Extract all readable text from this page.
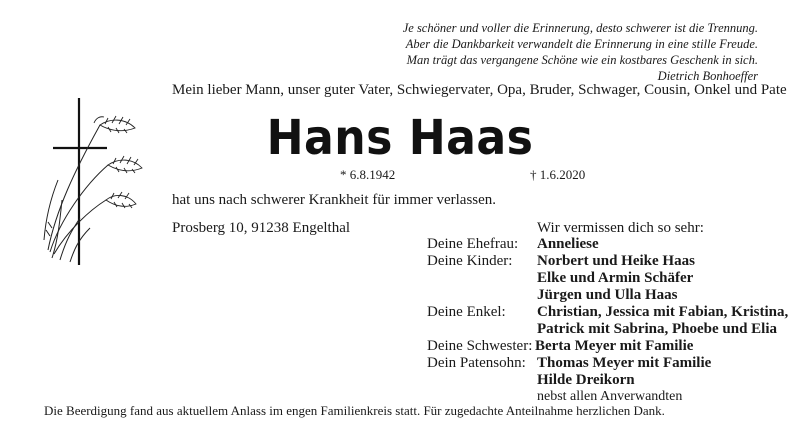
Je schöner und voller die Erinnerung, desto schwerer ist die Trennung.
Aber die Dankbarkeit verwandelt die Erinnerung in eine stille Freude.
Man trägt das vergangene Schöne wie ein kostbares Geschenk in sich.
Dietrich Bonhoeffer
Mein lieber Mann, unser guter Vater, Schwiegervater, Opa, Bruder, Schwager, Cousin, Onkel und Pate
Hans Haas
* 6.8.1942	† 1.6.2020
hat uns nach schwerer Krankheit für immer verlassen.
Prosberg 10, 91238 Engelthal	Wir vermissen dich so sehr:
Deine Ehefrau: Anneliese
Deine Kinder: Norbert und Heike Haas
Elke und Armin Schäfer
Jürgen und Ulla Haas
Deine Enkel: Christian, Jessica mit Fabian, Kristina,
Patrick mit Sabrina, Phoebe und Elia
Deine Schwester: Berta Meyer mit Familie
Dein Patensohn: Thomas Meyer mit Familie
Hilde Dreikorn
nebst allen Anverwandten
Die Beerdigung fand aus aktuellem Anlass im engen Familienkreis statt. Für zugedachte Anteilnahme herzlichen Dank.
